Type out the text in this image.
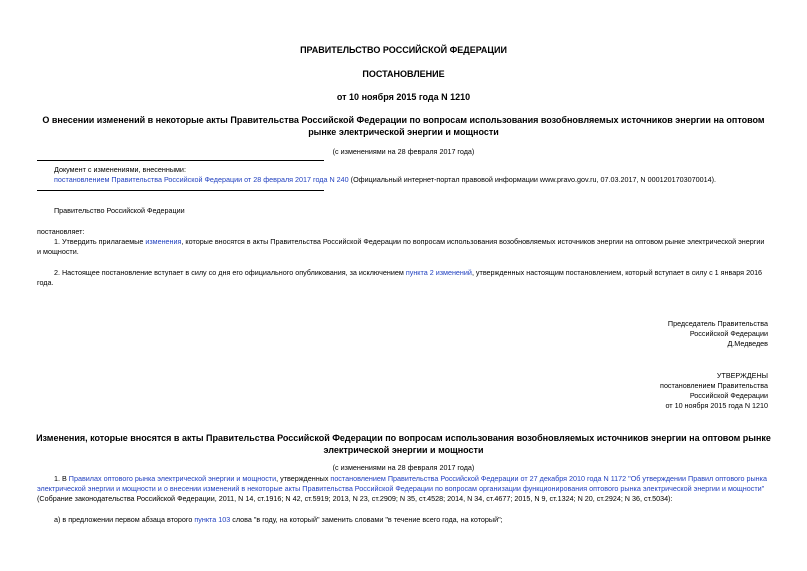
ПРАВИТЕЛЬСТВО РОССИЙСКОЙ ФЕДЕРАЦИИ
ПОСТАНОВЛЕНИЕ
от 10 ноября 2015 года N 1210
О внесении изменений в некоторые акты Правительства Российской Федерации по вопросам использования возобновляемых источников энергии на оптовом
рынке электрической энергии и мощности
(с изменениями на 28 февраля 2017 года)
Документ с изменениями, внесенными:
постановлением Правительства Российской Федерации от 28 февраля 2017 года N 240 (Официальный интернет-портал правовой информации www.pravo.gov.ru, 07.03.2017, N 0001201703070014).
Правительство Российской Федерации
постановляет:
1. Утвердить прилагаемые изменения, которые вносятся в акты Правительства Российской Федерации по вопросам использования возобновляемых источников энергии на оптовом рынке электрической энергии
и мощности.
2. Настоящее постановление вступает в силу со дня его официального опубликования, за исключением пункта 2 изменений, утвержденных настоящим постановлением, который вступает в силу с 1 января 2016
года.
Председатель Правительства
Российской Федерации
Д.Медведев
УТВЕРЖДЕНЫ
постановлением Правительства
Российской Федерации
от 10 ноября 2015 года N 1210
Изменения, которые вносятся в акты Правительства Российской Федерации по вопросам использования возобновляемых источников энергии на оптовом рынке
электрической энергии и мощности
(с изменениями на 28 февраля 2017 года)
1. В Правилах оптового рынка электрической энергии и мощности, утвержденных постановлением Правительства Российской Федерации от 27 декабря 2010 года N 1172 "Об утверждении Правил оптового рынка
электрической энергии и мощности и о внесении изменений в некоторые акты Правительства Российской Федерации по вопросам организации функционирования оптового рынка электрической энергии и мощности"
(Собрание законодательства Российской Федерации, 2011, N 14, ст.1916; N 42, ст.5919; 2013, N 23, ст.2909; N 35, ст.4528; 2014, N 34, ст.4677; 2015, N 9, ст.1324; N 20, ст.2924; N 36, ст.5034):
а) в предложении первом абзаца второго пункта 103 слова "в году, на который" заменить словами "в течение всего года, на который";
